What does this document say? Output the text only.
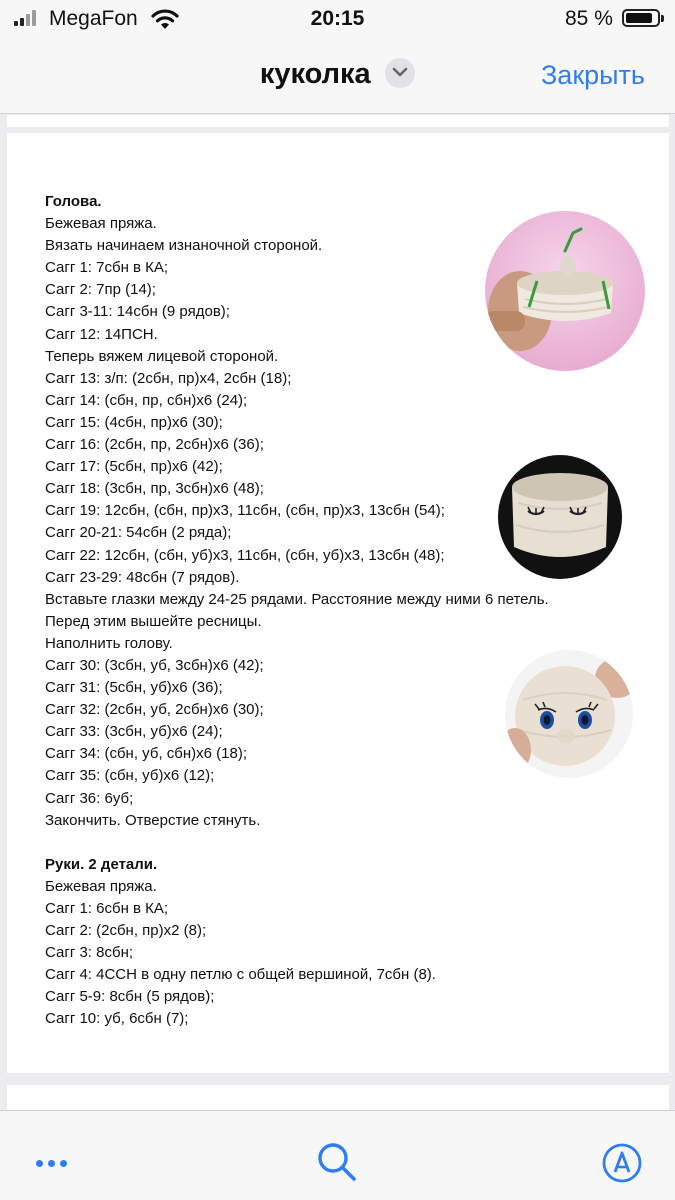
MegaFon	20:15	85 %
куколка	Закрыть
Голова.
Бежевая пряжа.
Вязать начинаем изнаночной стороной.
Сагг 1: 7сбн в КА;
Сагг 2: 7пр (14);
Сагг 3-11: 14сбн (9 рядов);
Сагг 12: 14ПСН.
Теперь вяжем лицевой стороной.
Сагг 13: з/п: (2сбн, пр)х4, 2сбн (18);
Сагг 14: (сбн, пр, сбн)х6 (24);
Сагг 15: (4сбн, пр)х6 (30);
Сагг 16: (2сбн, пр, 2сбн)х6 (36);
Сагг 17: (5сбн, пр)х6 (42);
Сагг 18: (3сбн, пр, 3сбн)х6 (48);
Сагг 19: 12сбн, (сбн, пр)х3, 11сбн, (сбн, пр)х3, 13сбн (54);
Сагг 20-21: 54сбн (2 ряда);
Сагг 22: 12сбн, (сбн, уб)х3, 11сбн, (сбн, уб)х3, 13сбн (48);
Сагг 23-29: 48сбн (7 рядов).
Вставьте глазки между 24-25 рядами. Расстояние между ними 6 петель.
Перед этим вышейте ресницы.
Наполнить голову.
Сагг 30: (3сбн, уб, 3сбн)х6 (42);
Сагг 31: (5сбн, уб)х6 (36);
Сагг 32: (2сбн, уб, 2сбн)х6 (30);
Сагг 33: (3сбн, уб)х6 (24);
Сагг 34: (сбн, уб, сбн)х6 (18);
Сагг 35: (сбн, уб)х6 (12);
Сагг 36: 6уб;
Закончить. Отверстие стянуть.
Руки. 2 детали.
Бежевая пряжа.
Сагг 1: 6сбн в КА;
Сагг 2: (2сбн, пр)х2 (8);
Сагг 3: 8сбн;
Сагг 4: 4ССН в одну петлю с общей вершиной, 7сбн (8).
Сагг 5-9: 8сбн (5 рядов);
Сагг 10: уб, 6сбн (7);
